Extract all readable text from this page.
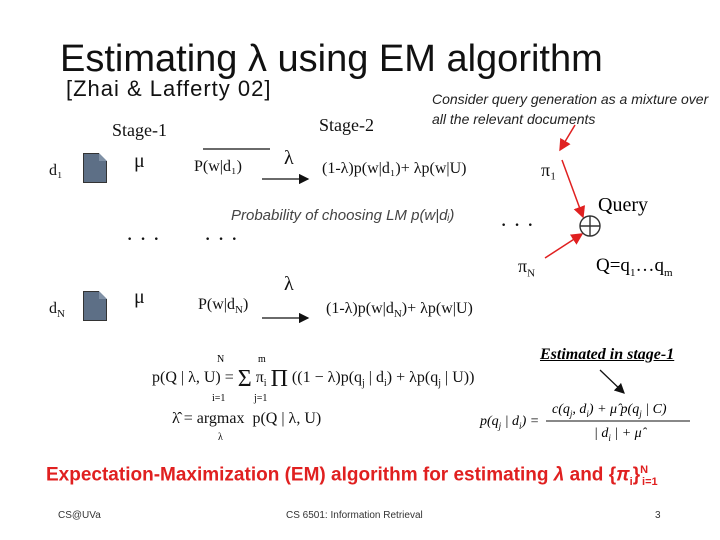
Estimating λ using EM algorithm
[Zhai & Lafferty 02]	Consider query generation as a mixture over all the relevant documents
Stage-1	Stage-2
d₁	μ	P(w|d₁) λ (1-λ)p(w|d₁)+ λp(w|U)	π₁
··· ···
···
Probability of choosing LM p(w|dᵢ)
$d_N$
μ	$P(w|d_N)$
λ
$(1-\lambda)p(w|d_N)+ \lambda p(w|U)$
$\pi_N$
Query
$Q=q_1\dots q_m$
Estimated in stage-1
p(Q | λ, U) = Σ $\pi_i$ Π ($(1 - \lambda)p(q_j$ | $d_i) + \lambda p(q_j$ | U))
N
i=1
m
j=1
λ̂ = argmax  p(Q | λ, U)
λ
$p(q_j$ | $d_i$) =
$c(q_j$, $d_i$) + μ̂ $p(q_j$ | C)
| $d_i$ | + μ̂
Expectation-Maximization (EM) algorithm for estimating λ and $\{\pi_i\}^N_{i=1}$
CS@UVa	CS 6501: Information Retrieval	3
